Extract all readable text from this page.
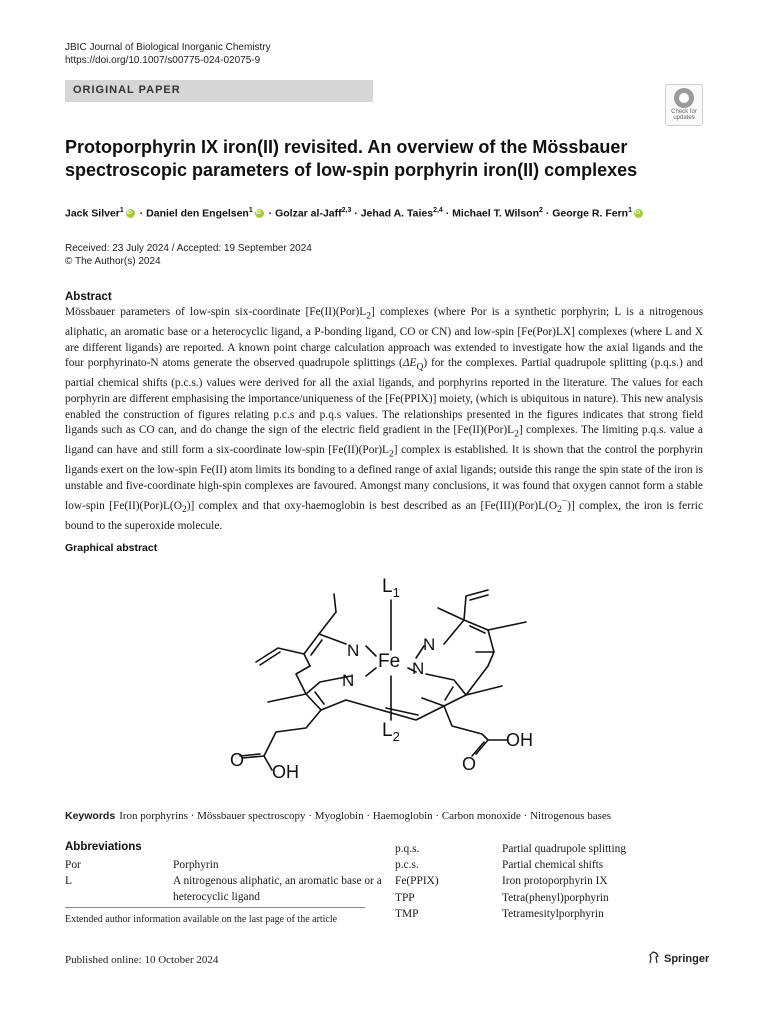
JBIC Journal of Biological Inorganic Chemistry
https://doi.org/10.1007/s00775-024-02075-9
ORIGINAL PAPER
Check for
updates
Protoporphyrin IX iron(II) revisited. An overview of the Mössbauer spectroscopic parameters of low-spin porphyrin iron(II) complexes
Jack Silver$^1$iD · Daniel den Engelsen$^1$iD · Golzar al-Jaff$^{2,3}$ · Jehad A. Taies$^{2,4}$ · Michael T. Wilson$^2$ · George R. Fern$^1$iD
Received: 23 July 2024 / Accepted: 19 September 2024
© The Author(s) 2024
Abstract

Mössbauer parameters of low-spin six-coordinate $[Fe(II)(Por)L_2]$ complexes (where Por is a synthetic porphyrin; L is a nitrogenous aliphatic, an aromatic base or a heterocyclic ligand, a P-bonding ligand, CO or CN) and low-spin [Fe(Por)LX] complexes (where L and X are different ligands) are reported. A known point charge calculation approach was extended to investigate how the axial ligands and the four porphyrinato-N atoms generate the observed quadrupole splittings $(\Delta E_Q)$ for the complexes. Partial quadrupole splitting (p.q.s.) and partial chemical shifts (p.c.s.) values were derived for all the axial ligands, and porphyrins reported in the literature. The values for each porphyrin are different emphasising the importance/uniqueness of the [Fe(PPIX)] moiety, (which is ubiquitous in nature). This new analysis enabled the construction of figures relating p.c.s and p.q.s values. The relationships presented in the figures indicates that strong field ligands such as CO can, and do change the sign of the electric field gradient in the $[Fe(II)(Por)L_2]$ complexes. The limiting p.q.s. value a ligand can have and still form a six-coordinate low-spin $[Fe(II)(Por)L_2]$ complex is established. It is shown that the control the porphyrin ligands exert on the low-spin Fe(II) atom limits its bonding to a defined range of axial ligands; outside this range the spin state of the iron is unstable and five-coordinate high-spin complexes are favoured. Amongst many conclusions, it was found that oxygen cannot form a stable low-spin $[Fe(II)(Por)L(O_2)]$ complex and that oxy-haemoglobin is best described as an $[Fe(III)(Por)L(O_2^-)]$ complex, the iron is ferric bound to the superoxide molecule.

Graphical abstract
$L_1$
$L_2$
Fe
N	N
N
N
O
OH
OH
O
Keywords Iron porphyrins · Mössbauer spectroscopy · Myoglobin · Haemoglobin · Carbon monoxide · Nitrogenous bases
Abbreviations
Por	Porphyrin
L	A nitrogenous aliphatic, an aromatic base or a heterocyclic ligand
p.q.s.	Partial quadrupole splitting
p.c.s.	Partial chemical shifts
Fe(PPIX)	Iron protoporphyrin IX
TPP	Tetra(phenyl)porphyrin
TMP	Tetramesitylporphyrin
Extended author information available on the last page of the article
Published online: 10 October 2024	Springer
